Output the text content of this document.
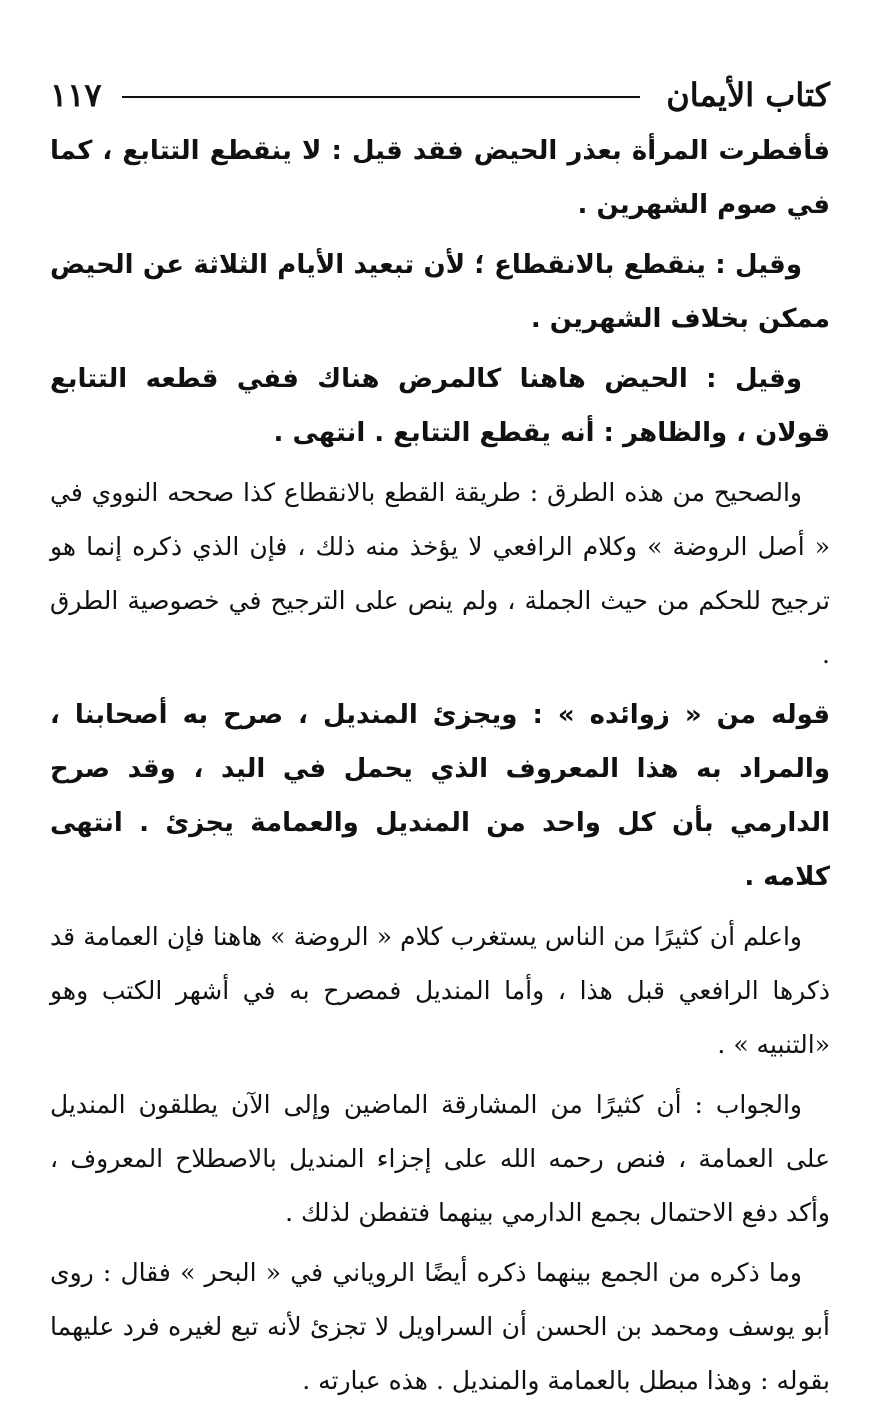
كتاب الأيمان
١١٧

فأفطرت المرأة بعذر الحيض فقد قيل : لا ينقطع التتابع ، كما في صوم الشهرين .

وقيل : ينقطع بالانقطاع ؛ لأن تبعيد الأيام الثلاثة عن الحيض ممكن بخلاف الشهرين .

وقيل : الحيض هاهنا كالمرض هناك ففي قطعه التتابع قولان ، والظاهر : أنه يقطع التتابع . انتهى .

والصحيح من هذه الطرق : طريقة القطع بالانقطاع كذا صححه النووي في « أصل الروضة » وكلام الرافعي لا يؤخذ منه ذلك ، فإن الذي ذكره إنما هو ترجيح للحكم من حيث الجملة ، ولم ينص على الترجيح في خصوصية الطرق .

قوله من « زوائده » : ويجزئ المنديل ، صرح به أصحابنا ، والمراد به هذا المعروف الذي يحمل في اليد ، وقد صرح الدارمي بأن كل واحد من المنديل والعمامة يجزئ . انتهى كلامه .

واعلم أن كثيرًا من الناس يستغرب كلام « الروضة » هاهنا فإن العمامة قد ذكرها الرافعي قبل هذا ، وأما المنديل فمصرح به في أشهر الكتب وهو «التنبيه » .

والجواب : أن كثيرًا من المشارقة الماضين وإلى الآن يطلقون المنديل على العمامة ، فنص رحمه الله على إجزاء المنديل بالاصطلاح المعروف ، وأكد دفع الاحتمال بجمع الدارمي بينهما فتفطن لذلك .

وما ذكره من الجمع بينهما ذكره أيضًا الروياني في « البحر » فقال : روى أبو يوسف ومحمد بن الحسن أن السراويل لا تجزئ لأنه تبع لغيره فرد عليهما بقوله : وهذا مبطل بالعمامة والمنديل . هذه عبارته .
